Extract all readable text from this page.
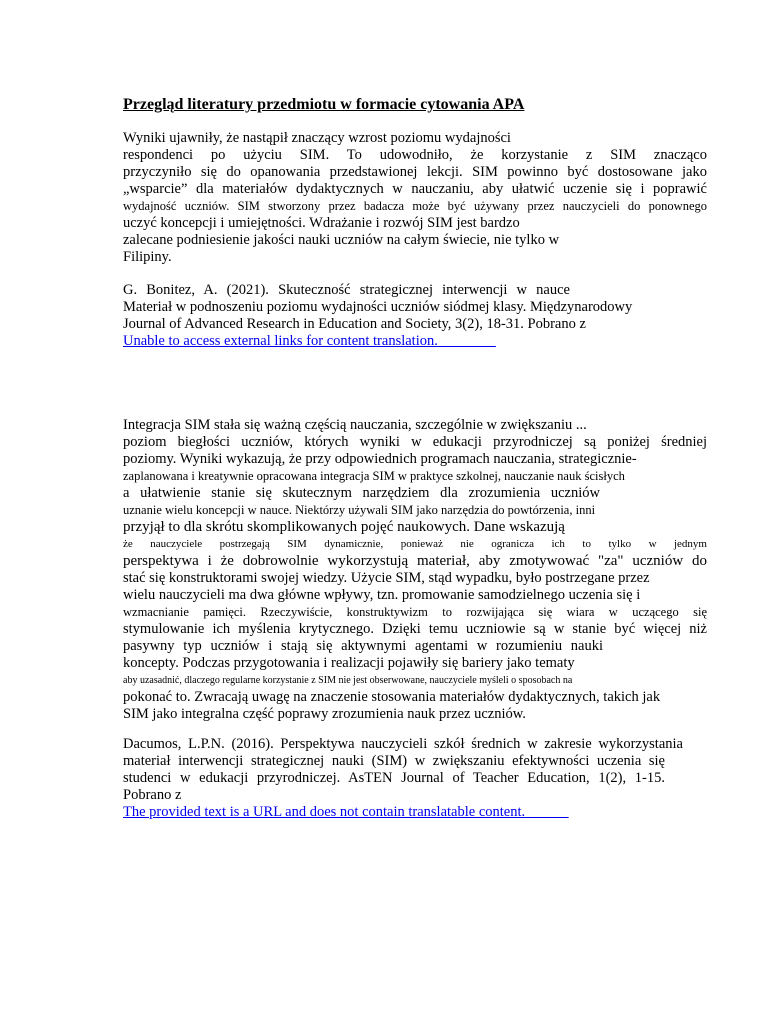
Przegląd literatury przedmiotu w formacie cytowania APA
Wyniki ujawniły, że nastąpił znaczący wzrost poziomu wydajności
respondenci po użyciu SIM. To udowodniło, że korzystanie z SIM znacząco
przyczyniło się do opanowania przedstawionej lekcji. SIM powinno być dostosowane jako
„wsparcie” dla materiałów dydaktycznych w nauczaniu, aby ułatwić uczenie się i poprawić
wydajność uczniów. SIM stworzony przez badacza może być używany przez nauczycieli do ponownego
uczyć koncepcji i umiejętności. Wdrażanie i rozwój SIM jest bardzo
zalecane podniesienie jakości nauki uczniów na całym świecie, nie tylko w
Filipiny.
G. Bonitez, A. (2021). Skuteczność strategicznej interwencji w nauce
Materiał w podnoszeniu poziomu wydajności uczniów siódmej klasy. Międzynarodowy
Journal of Advanced Research in Education and Society, 3(2), 18-31. Pobrano z
Unable to access external links for content translation.
Integracja SIM stała się ważną częścią nauczania, szczególnie w zwiększaniu ...
poziom biegłości uczniów, których wyniki w edukacji przyrodniczej są poniżej średniej
poziomy. Wyniki wykazują, że przy odpowiednich programach nauczania, strategicznie-
zaplanowana i kreatywnie opracowana integracja SIM w praktyce szkolnej, nauczanie nauk ścisłych
a ułatwienie stanie się skutecznym narzędziem dla zrozumienia uczniów
uznanie wielu koncepcji w nauce. Niektórzy używali SIM jako narzędzia do powtórzenia, inni
przyjął to dla skrótu skomplikowanych pojęć naukowych. Dane wskazują
że nauczyciele postrzegają SIM dynamicznie, ponieważ nie ogranicza ich to tylko w jednym
perspektywa i że dobrowolnie wykorzystują materiał, aby zmotywować "za" uczniów do
stać się konstruktorami swojej wiedzy. Użycie SIM, stąd wypadku, było postrzegane przez
wielu nauczycieli ma dwa główne wpływy, tzn. promowanie samodzielnego uczenia się i
wzmacnianie pamięci. Rzeczywiście, konstruktywizm to rozwijająca się wiara w uczącego się
stymulowanie ich myślenia krytycznego. Dzięki temu uczniowie są w stanie być więcej niż
pasywny typ uczniów i stają się aktywnymi agentami w rozumieniu nauki
koncepty. Podczas przygotowania i realizacji pojawiły się bariery jako tematy
aby uzasadnić, dlaczego regularne korzystanie z SIM nie jest obserwowane, nauczyciele myśleli o sposobach na
pokonać to. Zwracają uwagę na znaczenie stosowania materiałów dydaktycznych, takich jak
SIM jako integralna część poprawy zrozumienia nauk przez uczniów.
Dacumos, L.P.N. (2016). Perspektywa nauczycieli szkół średnich w zakresie wykorzystania
materiał interwencji strategicznej nauki (SIM) w zwiększaniu efektywności uczenia się
studenci w edukacji przyrodniczej. AsTEN Journal of Teacher Education, 1(2), 1-15.
Pobrano z
The provided text is a URL and does not contain translatable content.
